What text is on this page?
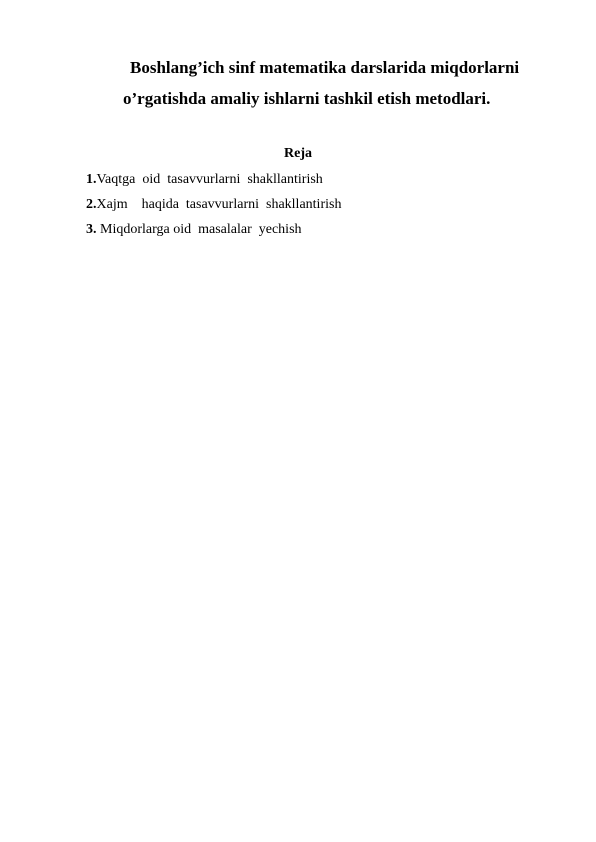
Boshlang’ich sinf matematika darslarida miqdorlarni
o’rgatishda amaliy ishlarni tashkil etish metodlari.
Reja
1.Vaqtga  oid  tasavvurlarni  shakllantirish
2.Xajm    haqida  tasavvurlarni  shakllantirish
3. Miqdorlarga oid  masalalar  yechish
